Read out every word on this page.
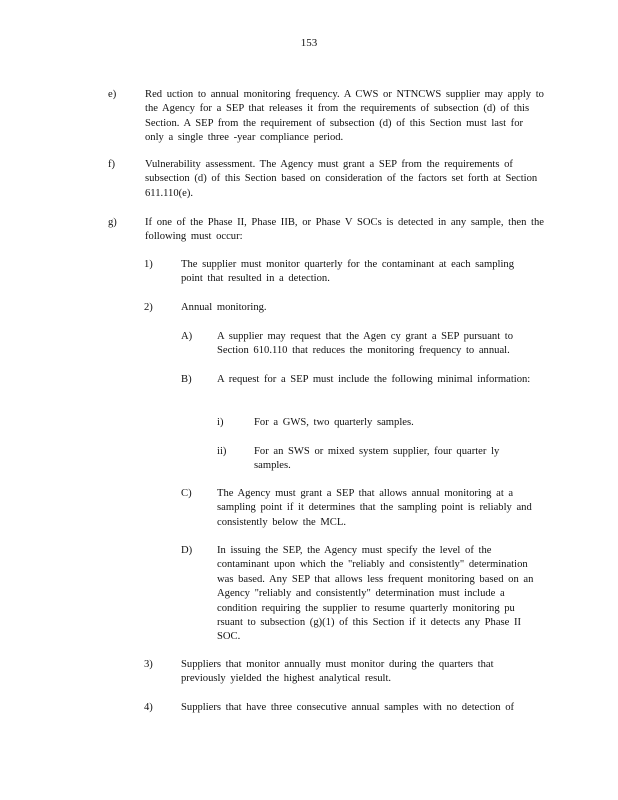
153
e)	Red uction to annual monitoring frequency. A CWS or NTNCWS supplier may apply to the Agency for a SEP that releases it from the requirements of subsection (d) of this Section. A SEP from the requirement of subsection (d) of this Section must last for only a single three -year compliance period.
f)	Vulnerability assessment. The Agency must grant a SEP from the requirements of subsection (d) of this Section based on consideration of the factors set forth at Section 611.110(e).
g)	If one of the Phase II, Phase IIB, or Phase V SOCs is detected in any sample, then the following must occur:
1)	The supplier must monitor quarterly for the contaminant at each sampling point that resulted in a detection.
2)	Annual monitoring.
A) A supplier may request that the Agen cy grant a SEP pursuant to Section 610.110 that reduces the monitoring frequency to annual.
B) A request for a SEP must include the following minimal information:
i)	For a GWS, two quarterly samples.
ii)	For an SWS or mixed system supplier, four quarter ly samples.
C) The Agency must grant a SEP that allows annual monitoring at a sampling point if it determines that the sampling point is reliably and consistently below the MCL.
D) In issuing the SEP, the Agency must specify the level of the contaminant upon which the "reliably and consistently" determination was based. Any SEP that allows less frequent monitoring based on an Agency "reliably and consistently" determination must include a condition requiring the supplier to resume quarterly monitoring pu rsuant to subsection (g)(1) of this Section if it detects any Phase II SOC.
3)	Suppliers that monitor annually must monitor during the quarters that previously yielded the highest analytical result.
4)	Suppliers that have three consecutive annual samples with no detection of
